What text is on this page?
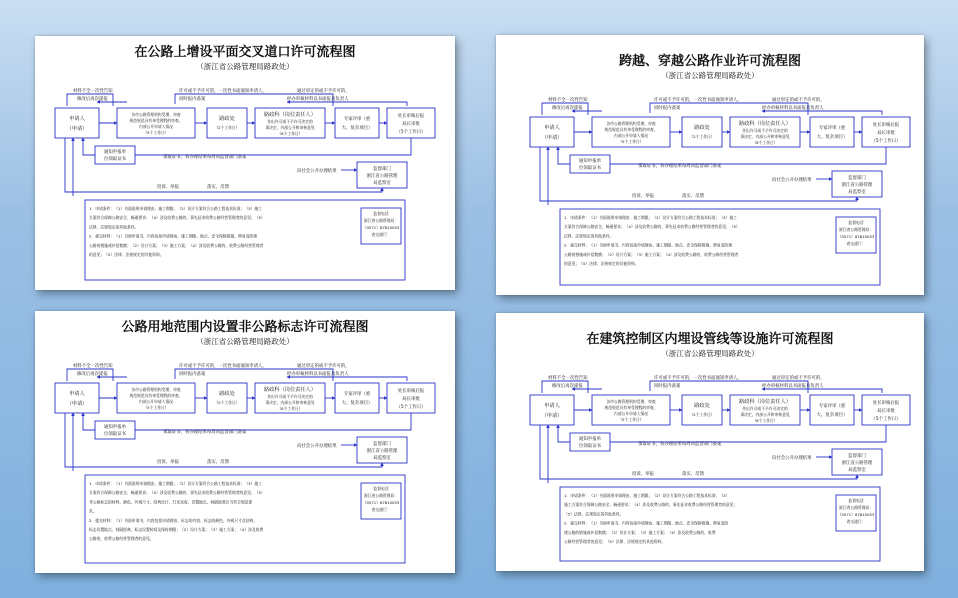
在公路上增设平面交叉道口许可流程图
（浙江省公路管理局路政处）
材料不全一次性告知
修改后再次提报
许可或不予许可的，一次性书面通知申请人，
同时报内备案
通过审定的或不予许可的，
经办审核材料以书面报具负责人
申请人
（申请）
各市公路管理机构受理、审查
规范规范具有单受理程的审查，
内部公开申请人情况
（5个工作日）
路政处
（2个工作日）
路政科（岗位责任人）
作出许可或不予许可决定的
事决定，内部公开和审核意见
（6个工作日）
专家评审（重
大、复杂项目）
处长审核后报
局长审批
（5个工作日）
通知申报单
位领取证书	领取证书，将办理结果每周向监督部门备案
向社会公开办理结果	监督部门
浙江省公路管理
局监察室
投诉、举报	落实、反馈
1．申请条件：（1）书面说明申请理由、施工期限；（2）设计方案符合公路工程技术标准；（3）施工
方案符合保障公路安全、畅通要求；（4）涉及收费公路的，事先征求收费公路经营管理者的意见；（5）
法律、法规规定的其他条件。
2．提交材料：（1）书面申请书，内容包括申请理由、施工期限、地点、安全保障措施、修复或改建
公路的措施或补偿数额；（2）设计方案；（3）施工方案；（4）涉及收费公路的，收费公路经营管理者
的意见；（5）法律、法规规定的其他资料。
监督电话
浙江省公路管理局：
（0571）87810053
省交通厅：
跨越、穿越公路作业许可流程图
（浙江省公路管理局路政处）
材料不全一次性告知
修改后再次提报
许可或不予许可的，一次性书面通知申请人，
同时报内备案
通过审定的或不予许可的，
经办审核材料以书面报具负责人
申请人
（申请）
各市公路管理机构受理、审查
规范规范具有单受理程的审查，
内部公开申请人情况
（5个工作日）
路政处
（2个工作日）
路政科（岗位责任人）
作出许可或不予许可决定的
事决定，内部公开和审核意见
（6个工作日）
专家评审（重
大、复杂项目）
处长审核后报
局长审批
（5个工作日）
通知申报单
位领取证书	领取证书，将办理结果每周向监督部门备案
向社会公开办理结果	监督部门
浙江省公路管理
局监察室
投诉、举报	落实、反馈
1．申请条件：（1）书面说明申请理由、施工期限；（2）设计方案符合公路工程技术标准；（3）施工
方案符合保障公路安全、畅通要求；（4）涉及收费公路的，事先征求收费公路经营管理者的意见；（5）
法律、法规规定的其他条件。
2．提交材料：（1）书面申请书，内容包括申请理由、施工期限、地点、安全保障措施、修复或改建
公路的措施或补偿数额；（2）设计方案；（3）施工方案；（4）涉及收费公路的，收费公路经营管理者
的意见；（5）法律、法规规定的其他资料。
监督电话
浙江省公路管理局：
（0571）87810053
省交通厅：
公路用地范围内设置非公路标志许可流程图
（浙江省公路管理局路政处）
材料不全一次性告知
修改后再次提报
许可或不予许可的，一次性书面通知申请人，
同时报内备案
通过审定的或不予许可的，
经办审核材料以书面报具负责人
申请人
（申请）
各市公路管理机构受理、审查
规范规范具有单受理程的审查，
内部公开申请人情况
（5个工作日）
路政处
（2个工作日）
路政科（岗位责任人）
作出许可或不予许可决定的
事决定，内部公开和审核意见
（6个工作日）
专家评审（重
大、复杂项目）
处长审核后报
局长审批
（5个工作日）
通知申报单
位领取证书	领取证书，将办理结果每周向监督部门备案
向社会公开办理结果	监督部门
浙江省公路管理
局监察室
投诉、举报	落实、反馈
1．申请条件：（1）书面说明申请理由、施工期限；（2）设计方案符合公路工程技术标准；（3）施工
方案符合保障公路安全、畅通要求；（4）涉及收费公路的，事先征求收费公路经营管理者的意见；（5）
非公路标志的材料、颜色、外观尺寸、结构设计、灯光亮度、设置地点、间隔距离应当符合规范要
求。
2．提交材料：（1）书面申请书，内容包括申请理由、标志的内容、标志的颜色、外观尺寸及结构、
标志设置地点、间隔距离、标志设置时间及保持期限；（2）设计方案；（3）施工方案；（4）涉及收费
公路的，收费公路经营管理者的意见。
监督电话
浙江省公路管理局：
（0571）87810053
省交通厅：
在建筑控制区内埋设管线等设施许可流程图
（浙江省公路管理局路政处）
材料不全一次性告知
修改后再次提报
许可或不予许可的，一次性书面通知申请人，
同时报内备案
通过审定的或不予许可的，
经办审核材料以书面报具负责人
申请人
（申请）
各市公路管理机构受理、审查
规范规范具有单受理程的审查，
内部公开申请人情况
（5个工作日）
路政处
（2个工作日）
路政科（岗位责任人）
作出许可或不予许可决定的
事决定，内部公开和审核意见
（6个工作日）
专家评审（重
大、复杂项目）
处长审核后报
局长审批
（5个工作日）
通知申报单
位领取证书	领取证书，将办理结果每周向监督部门备案
向社会公开办理结果	监督部门
浙江省公路管理
局监察室
投诉、举报	落实、反馈
1．申请条件：（1）书面说明申请理由、施工期限；（2）设计方案符合公路工程技术标准；（3）
施工方案符合保障公路安全、畅通要求；（4）涉及收费公路的，事先征求收费公路经营管理者的意见；
（5）法律、法规规定的其他条件。
2．提交材料：（1）书面申请书，内容包括申请理由、施工期限、地点、安全保障措施、修复或改
建公路的措施或补偿数额；（2）设计方案；（3）施工方案；（4）涉及收费公路的，收费
公路经营管理者的意见；（5）法律、法规规定的其他资料。
监督电话
浙江省公路管理局：
（0571）87810053
省交通厅：
